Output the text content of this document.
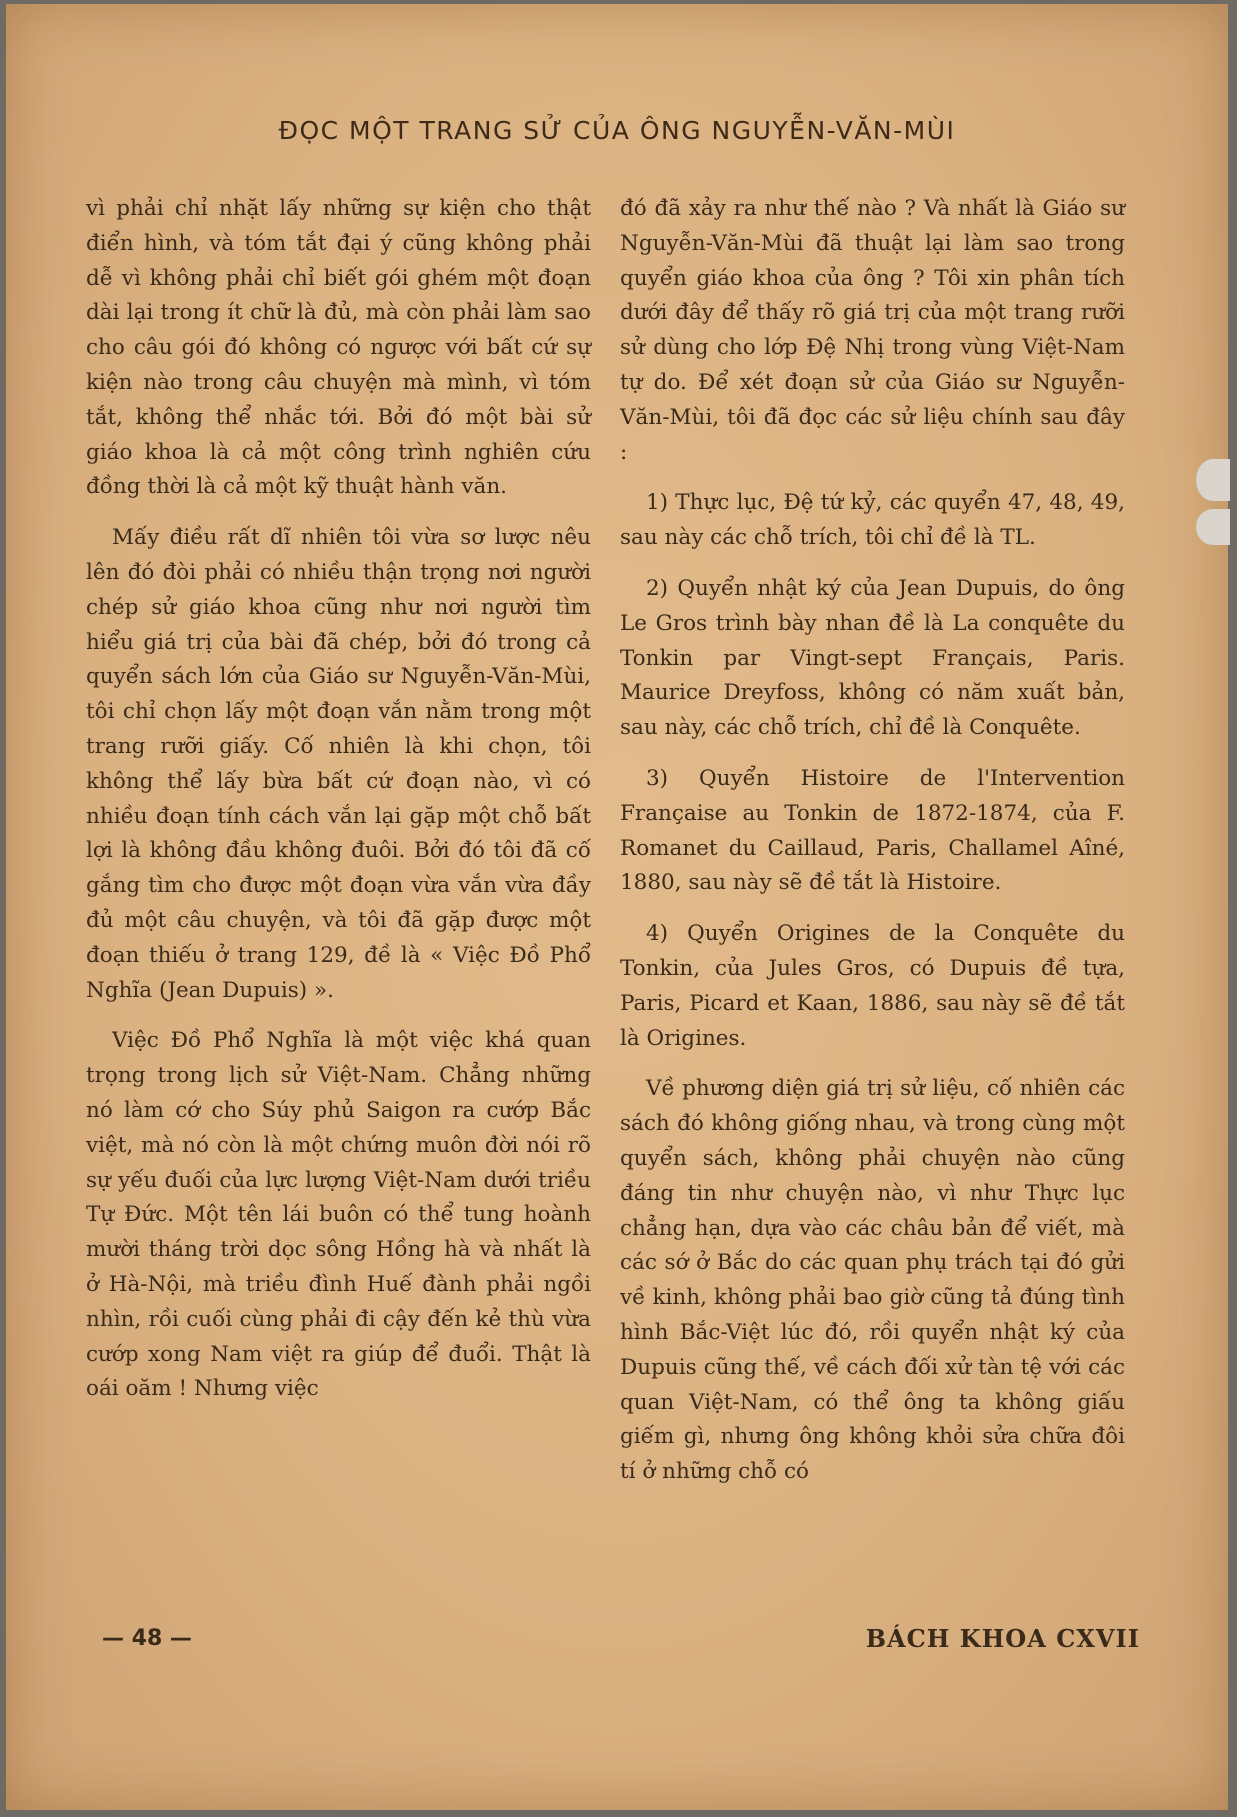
ĐỌC MỘT TRANG SỬ CỦA ÔNG NGUYỄN-VĂN-MÙI

vì phải chỉ nhặt lấy những sự kiện cho thật điển hình, và tóm tắt đại ý cũng không phải dễ vì không phải chỉ biết gói ghém một đoạn dài lại trong ít chữ là đủ, mà còn phải làm sao cho câu gói đó không có ngược với bất cứ sự kiện nào trong câu chuyện mà mình, vì tóm tắt, không thể nhắc tới. Bởi đó một bài sử giáo khoa là cả một công trình nghiên cứu đồng thời là cả một kỹ thuật hành văn.

Mấy điều rất dĩ nhiên tôi vừa sơ lược nêu lên đó đòi phải có nhiều thận trọng nơi người chép sử giáo khoa cũng như nơi người tìm hiểu giá trị của bài đã chép, bởi đó trong cả quyển sách lớn của Giáo sư Nguyễn-Văn-Mùi, tôi chỉ chọn lấy một đoạn vắn nằm trong một trang rưỡi giấy. Cố nhiên là khi chọn, tôi không thể lấy bừa bất cứ đoạn nào, vì có nhiều đoạn tính cách vắn lại gặp một chỗ bất lợi là không đầu không đuôi. Bởi đó tôi đã cố gắng tìm cho được một đoạn vừa vắn vừa đầy đủ một câu chuyện, và tôi đã gặp được một đoạn thiếu ở trang 129, đề là « Việc Đồ Phổ Nghĩa (Jean Dupuis) ».

Việc Đồ Phổ Nghĩa là một việc khá quan trọng trong lịch sử Việt-Nam. Chẳng những nó làm cớ cho Súy phủ Saigon ra cướp Bắc việt, mà nó còn là một chứng muôn đời nói rõ sự yếu đuối của lực lượng Việt-Nam dưới triều Tự Đức. Một tên lái buôn có thể tung hoành mười tháng trời dọc sông Hồng hà và nhất là ở Hà-Nội, mà triều đình Huế đành phải ngồi nhìn, rồi cuối cùng phải đi cậy đến kẻ thù vừa cướp xong Nam việt ra giúp để đuổi. Thật là oái oăm ! Nhưng việc

đó đã xảy ra như thế nào ? Và nhất là Giáo sư Nguyễn-Văn-Mùi đã thuật lại làm sao trong quyển giáo khoa của ông ? Tôi xin phân tích dưới đây để thấy rõ giá trị của một trang rưỡi sử dùng cho lớp Đệ Nhị trong vùng Việt-Nam tự do. Để xét đoạn sử của Giáo sư Nguyễn-Văn-Mùi, tôi đã đọc các sử liệu chính sau đây :

1) Thực lục, Đệ tứ kỷ, các quyển 47, 48, 49, sau này các chỗ trích, tôi chỉ đề là TL.

2) Quyển nhật ký của Jean Dupuis, do ông Le Gros trình bày nhan đề là La conquête du Tonkin par Vingt-sept Français, Paris. Maurice Dreyfoss, không có năm xuất bản, sau này, các chỗ trích, chỉ đề là Conquête.

3) Quyển Histoire de l'Intervention Française au Tonkin de 1872-1874, của F. Romanet du Caillaud, Paris, Challamel Aîné, 1880, sau này sẽ đề tắt là Histoire.

4) Quyển Origines de la Conquête du Tonkin, của Jules Gros, có Dupuis đề tựa, Paris, Picard et Kaan, 1886, sau này sẽ đề tắt là Origines.

Về phương diện giá trị sử liệu, cố nhiên các sách đó không giống nhau, và trong cùng một quyển sách, không phải chuyện nào cũng đáng tin như chuyện nào, vì như Thực lục chẳng hạn, dựa vào các châu bản để viết, mà các sớ ở Bắc do các quan phụ trách tại đó gửi về kinh, không phải bao giờ cũng tả đúng tình hình Bắc-Việt lúc đó, rồi quyển nhật ký của Dupuis cũng thế, về cách đối xử tàn tệ với các quan Việt-Nam, có thể ông ta không giấu giếm gì, nhưng ông không khỏi sửa chữa đôi tí ở những chỗ có

— 48 —	BÁCH KHOA CXVII
